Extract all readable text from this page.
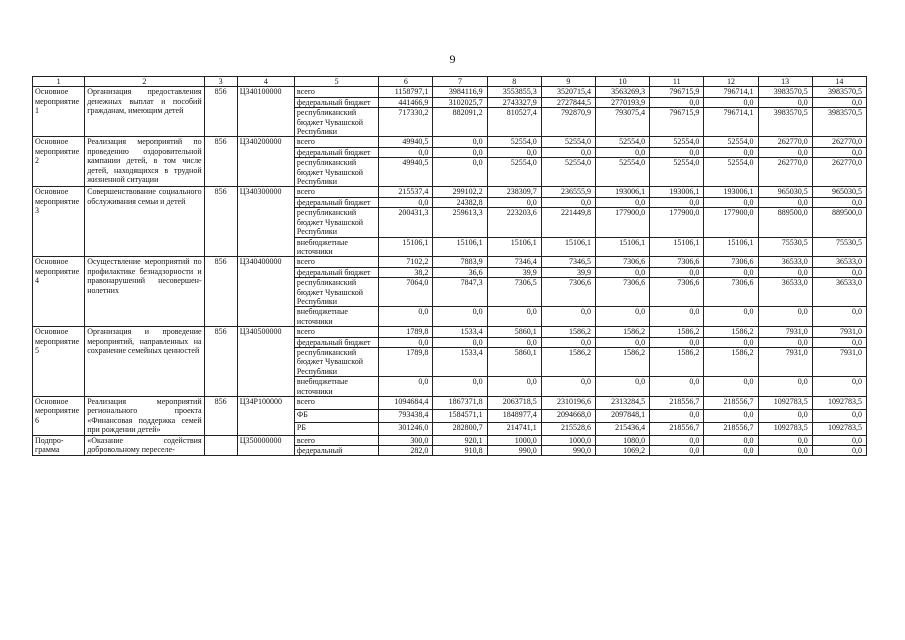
9
1	2	3	4	5	6	7	8	9	10	11	12	13	14
Основное мероприятие 1	Организация предоставления денежных выплат и пособий гражданам, имеющим детей	856	Ц340100000	всего	1158797,1	3984116,9	3553855,3	3520715,4	3563269,3	796715,9	796714,1	3983570,5	3983570,5
				федеральный бюджет	441466,9	3102025,7	2743327,9	2727844,5	2770193,9	0,0	0,0	0,0	0,0
				республиканский бюджет Чувашской Республики	717330,2	882091,2	810527,4	792870,9	793075,4	796715,9	796714,1	3983570,5	3983570,5
Основное мероприятие 2	Реализация мероприятий по проведению оздоровительной кампании детей, в том числе детей, находящихся в трудной жизненной ситуации	856	Ц340200000	всего	49940,5	0,0	52554,0	52554,0	52554,0	52554,0	52554,0	262770,0	262770,0
				федеральный бюджет	0,0	0,0	0,0	0,0	0,0	0,0	0,0	0,0	0,0
				республиканский бюджет Чувашской Республики	49940,5	0,0	52554,0	52554,0	52554,0	52554,0	52554,0	262770,0	262770,0
Основное мероприятие 3	Совершенствование социального обслуживания семьи и детей	856	Ц340300000	всего	215537,4	299102,2	238309,7	236555,9	193006,1	193006,1	193006,1	965030,5	965030,5
				федеральный бюджет	0,0	24382,8	0,0	0,0	0,0	0,0	0,0	0,0	0,0
				республиканский бюджет Чувашской Республики	200431,3	259613,3	223203,6	221449,8	177900,0	177900,0	177900,0	889500,0	889500,0
				внебюджетные источники	15106,1	15106,1	15106,1	15106,1	15106,1	15106,1	15106,1	75530,5	75530,5
Основное мероприятие 4	Осуществление мероприятий по профилактике безнадзорности и правонарушений несовершеннолетних	856	Ц340400000	всего	7102,2	7883,9	7346,4	7346,5	7306,6	7306,6	7306,6	36533,0	36533,0
				федеральный бюджет	38,2	36,6	39,9	39,9	0,0	0,0	0,0	0,0	0,0
				республиканский бюджет Чувашской Республики	7064,0	7847,3	7306,5	7306,6	7306,6	7306,6	7306,6	36533,0	36533,0
				внебюджетные источники	0,0	0,0	0,0	0,0	0,0	0,0	0,0	0,0	0,0
Основное мероприятие 5	Организация и проведение мероприятий, направленных на сохранение семейных ценностей	856	Ц340500000	всего	1789,8	1533,4	5860,1	1586,2	1586,2	1586,2	1586,2	7931,0	7931,0
				федеральный бюджет	0,0	0,0	0,0	0,0	0,0	0,0	0,0	0,0	0,0
				республиканский бюджет Чувашской Республики	1789,8	1533,4	5860,1	1586,2	1586,2	1586,2	1586,2	7931,0	7931,0
				внебюджетные источники	0,0	0,0	0,0	0,0	0,0	0,0	0,0	0,0	0,0
Основное мероприятие 6	Реализация мероприятий регионального проекта «Финансовая поддержка семей при рождении детей»	856	Ц34Р100000	всего	1094684,4	1867371,8	2063718,5	2310196,6	2313284,5	218556,7	218556,7	1092783,5	1092783,5
				ФБ	793438,4	1584571,1	1848977,4	2094668,0	2097848,1	0,0	0,0	0,0	0,0
				РБ	301246,0	282800,7	214741,1	215528,6	215436,4	218556,7	218556,7	1092783,5	1092783,5
Подпрограмма	«Оказание содействия добровольному переселе-		Ц350000000	всего	300,0	920,1	1000,0	1000,0	1080,0	0,0	0,0	0,0	0,0
				федеральный	282,0	910,8	990,0	990,0	1069,2	0,0	0,0	0,0	0,0
